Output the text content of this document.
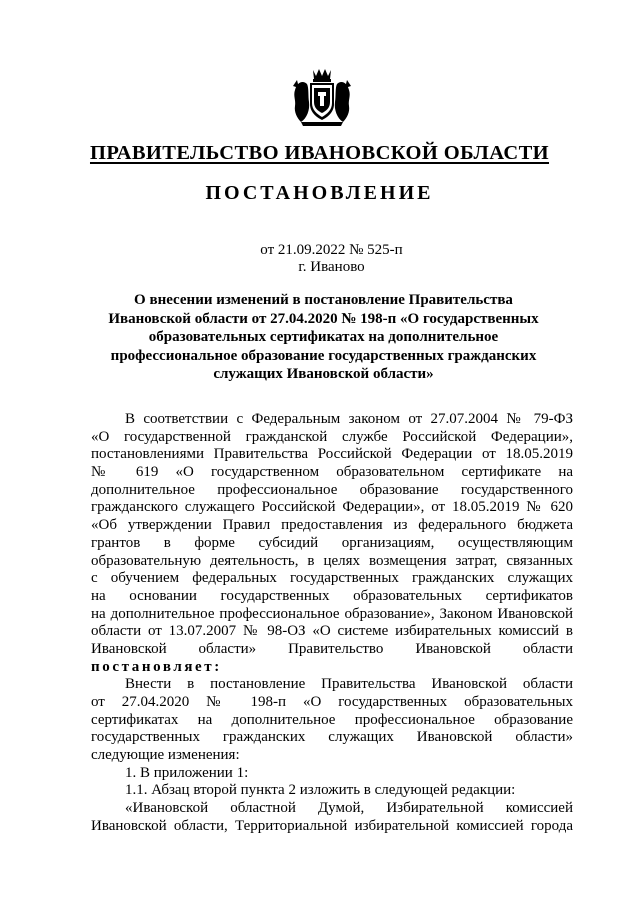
ПРАВИТЕЛЬСТВО ИВАНОВСКОЙ ОБЛАСТИ
ПОСТАНОВЛЕНИЕ
от 21.09.2022 № 525-п
г. Иваново
О внесении изменений в постановление Правительства
Ивановской области от 27.04.2020 № 198-п «О государственных
образовательных сертификатах на дополнительное
профессиональное образование государственных гражданских
служащих Ивановской области»
В соответствии с Федеральным законом от 27.07.2004 № 79-ФЗ
«О государственной гражданской службе Российской Федерации»,
постановлениями Правительства Российской Федерации от 18.05.2019
№ 619 «О государственном образовательном сертификате на
дополнительное профессиональное образование государственного
гражданского служащего Российской Федерации», от 18.05.2019 № 620
«Об утверждении Правил предоставления из федерального бюджета
грантов в форме субсидий организациям, осуществляющим
образовательную деятельность, в целях возмещения затрат, связанных
с обучением федеральных государственных гражданских служащих
на основании государственных образовательных сертификатов
на дополнительное профессиональное образование», Законом Ивановской
области от 13.07.2007 № 98-ОЗ «О системе избирательных комиссий в
Ивановской области» Правительство Ивановской области
постановляет:
Внести в постановление Правительства Ивановской области
от 27.04.2020 № 198-п «О государственных образовательных
сертификатах на дополнительное профессиональное образование
государственных гражданских служащих Ивановской области»
следующие изменения:
1. В приложении 1:
1.1. Абзац второй пункта 2 изложить в следующей редакции:
«Ивановской областной Думой, Избирательной комиссией
Ивановской области, Территориальной избирательной комиссией города
